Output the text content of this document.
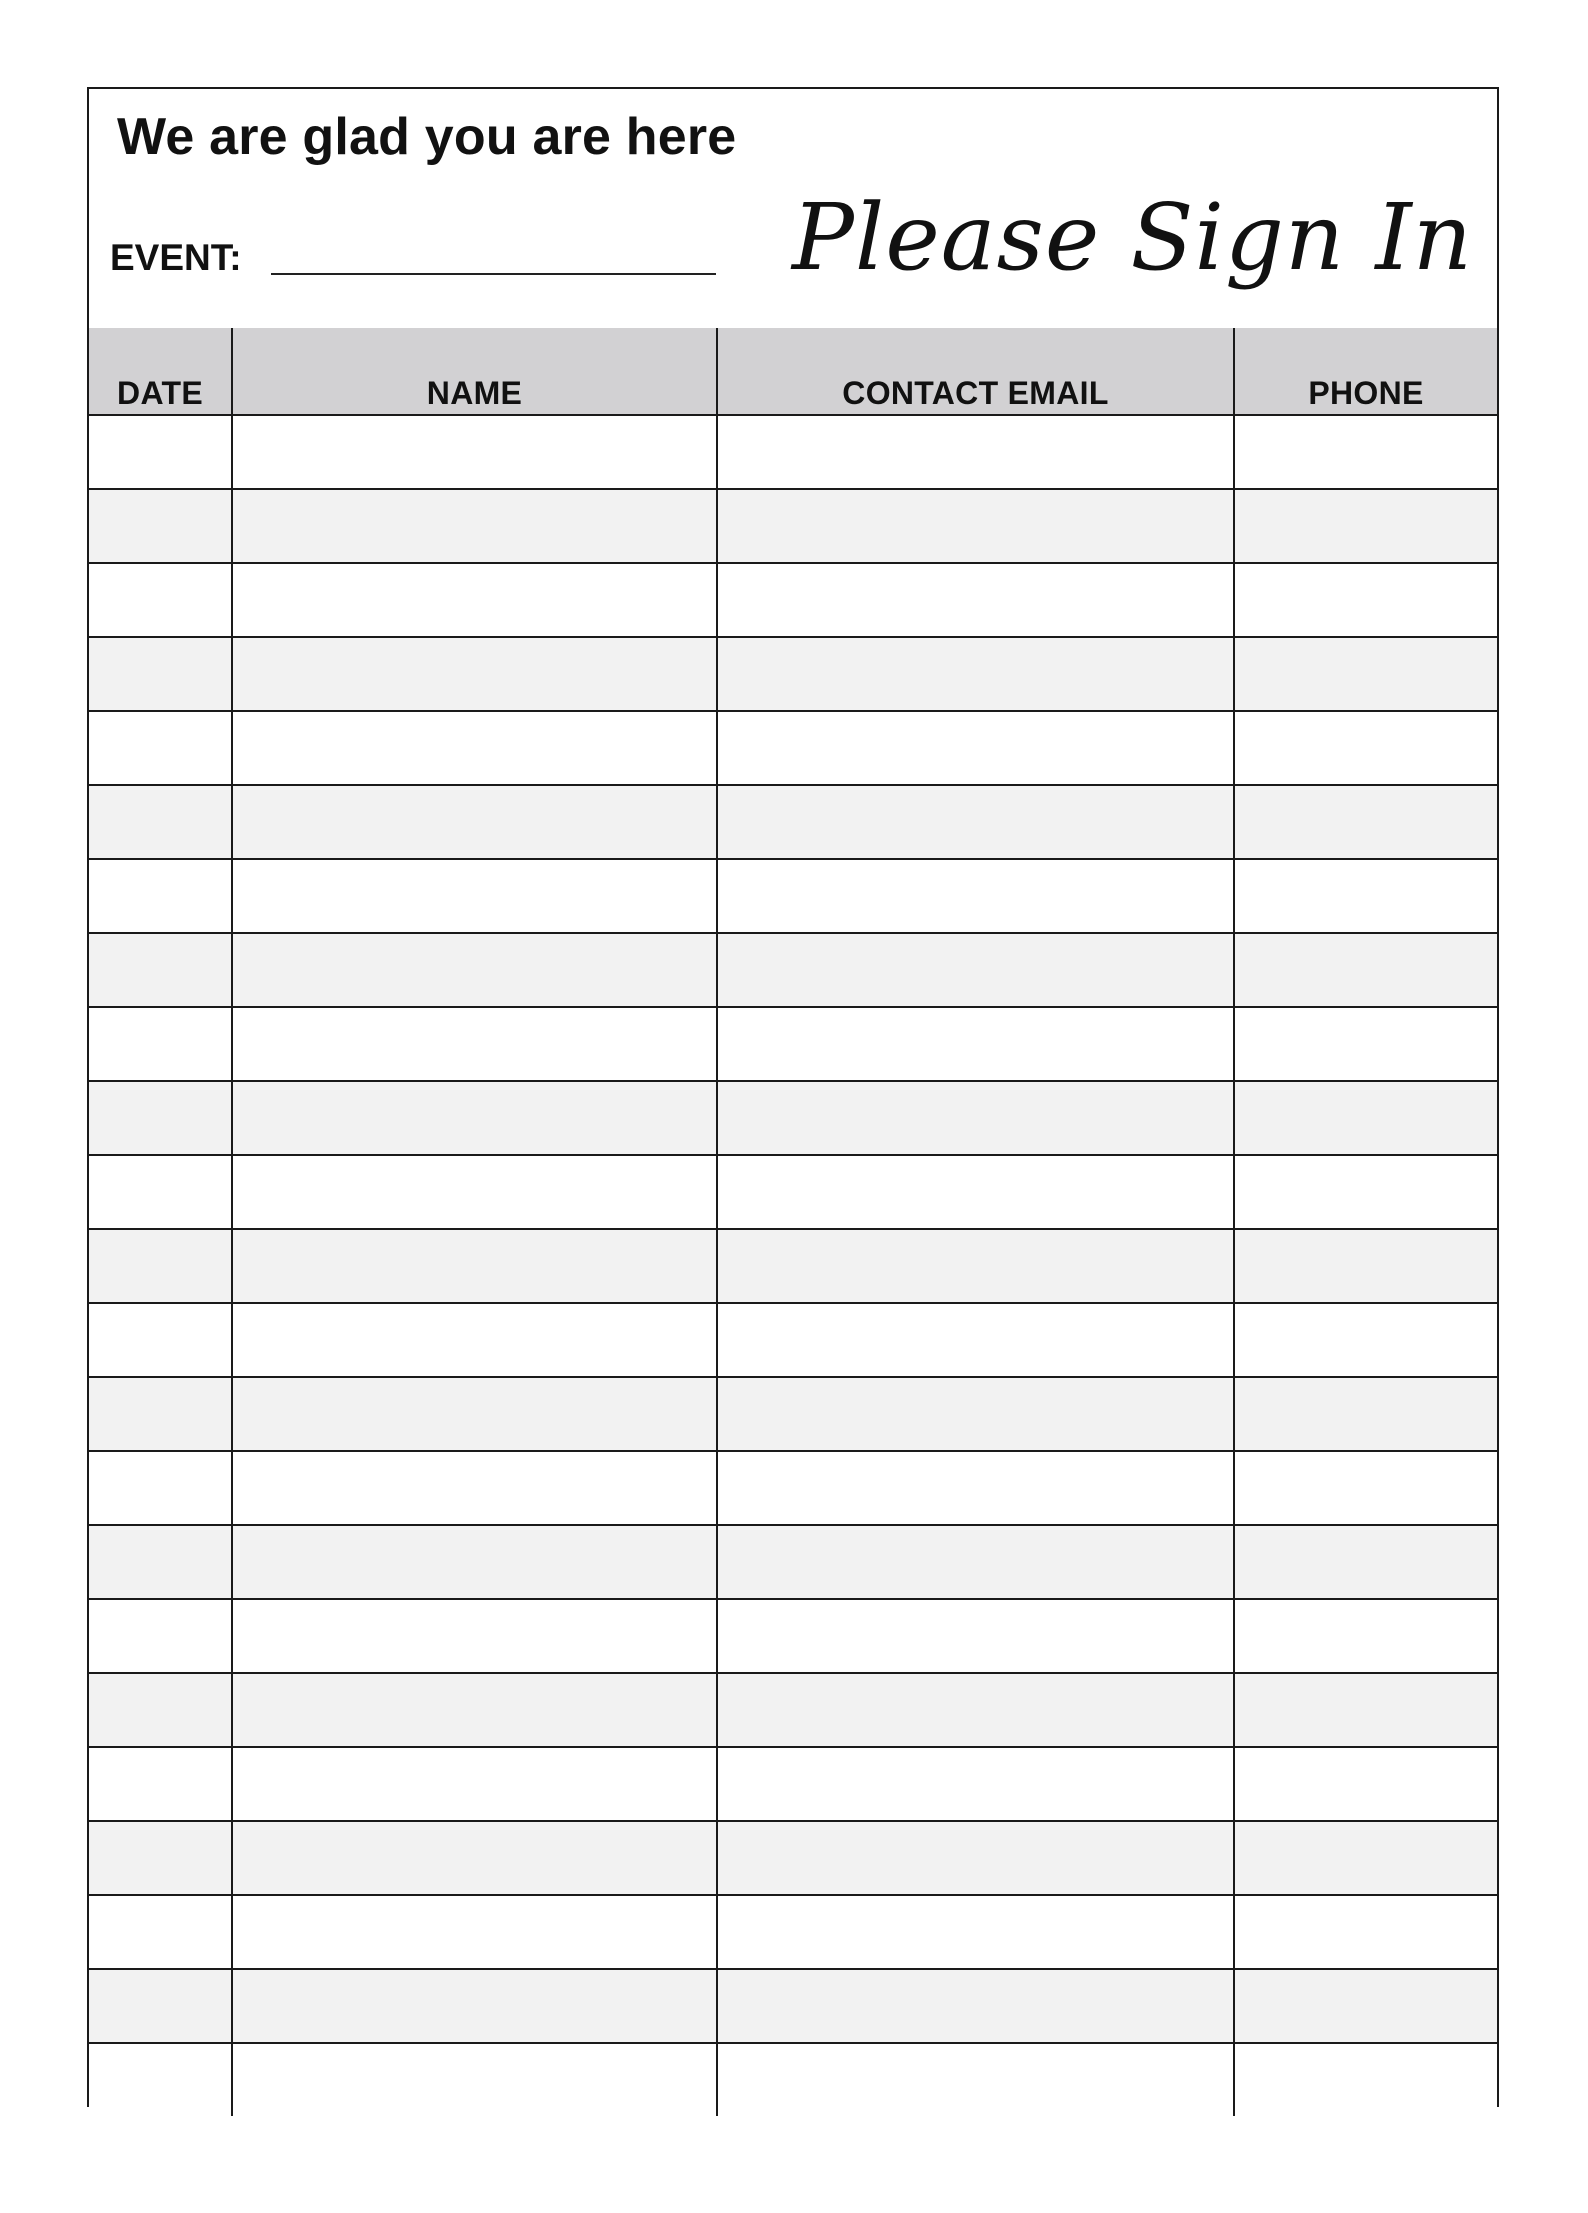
We are glad you are here
EVENT:	Please Sign In
DATE	NAME	CONTACT EMAIL	PHONE
